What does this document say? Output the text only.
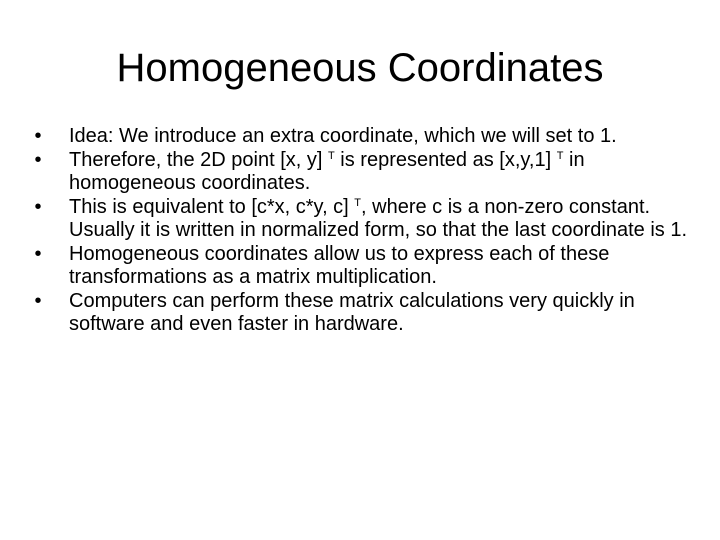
Homogeneous Coordinates
•	Idea: We introduce an extra coordinate, which we will set to 1.
•	Therefore, the 2D point [x, y] $^T$ is represented as [x,y,1] $^T$ in homogeneous coordinates.
•	This is equivalent to [c*x, c*y, c] $^T$, where c is a non-zero constant. Usually it is written in normalized form, so that the last coordinate is 1.
•	Homogeneous coordinates allow us to express each of these transformations as a matrix multiplication.
•	Computers can perform these matrix calculations very quickly in software and even faster in hardware.
